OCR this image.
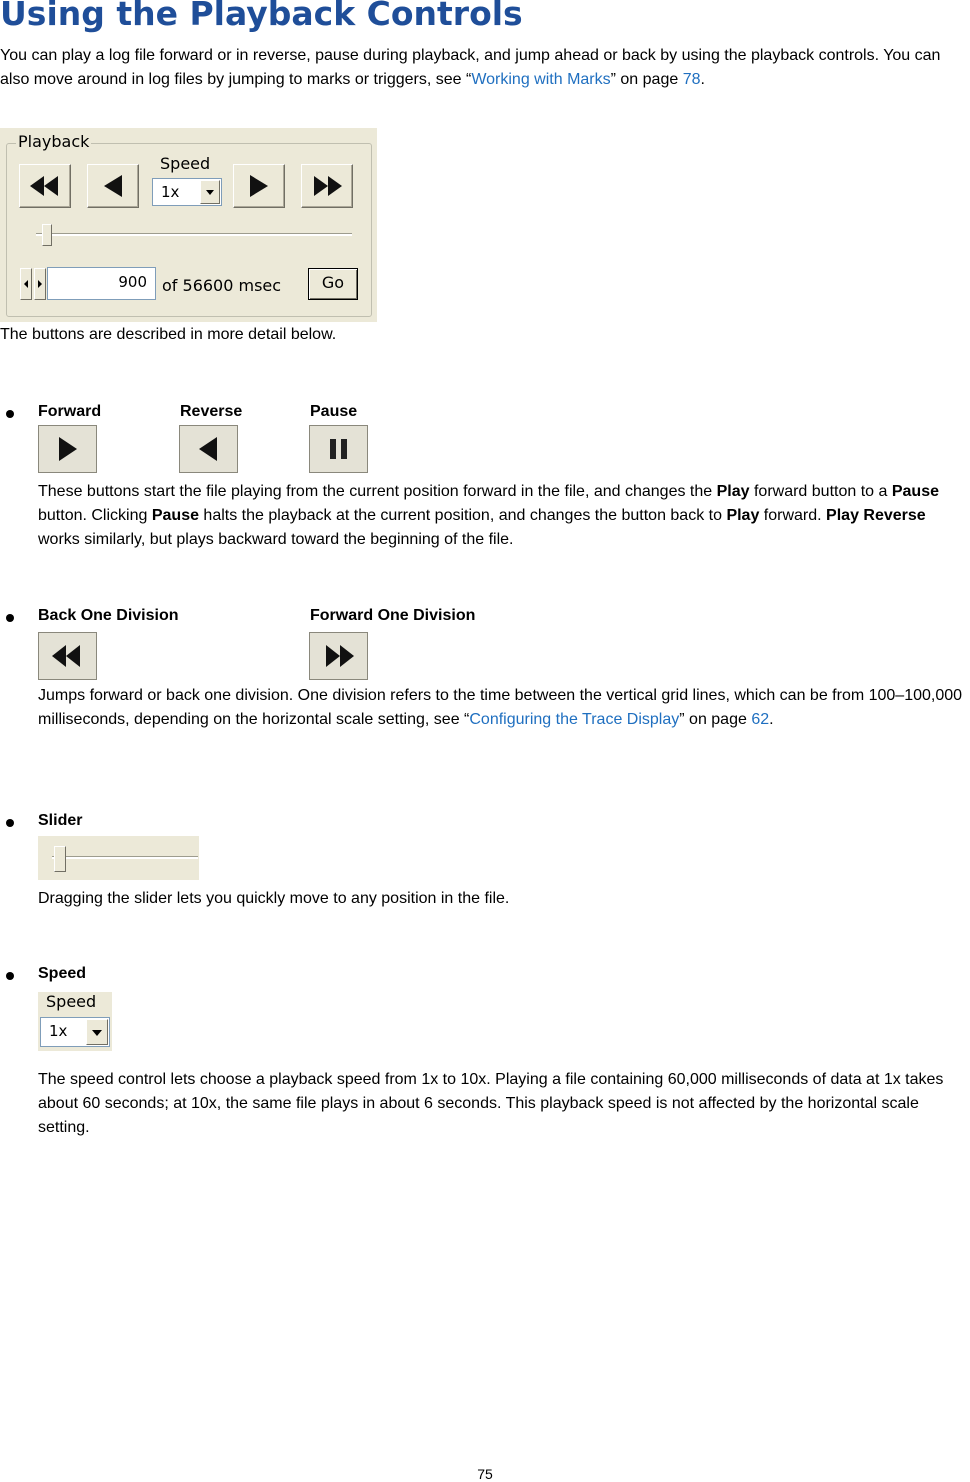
Using the Playback Controls
You can play a log file forward or in reverse, pause during playback, and jump ahead or back by using the playback controls. You can also move around in log files by jumping to marks or triggers, see “Working with Marks” on page 78.
Playback
Speed
1x
900 of 56600 msec	Go
The buttons are described in more detail below.
Forward	Reverse	Pause
These buttons start the file playing from the current position forward in the file, and changes the Play forward button to a Pause button. Clicking Pause halts the playback at the current position, and changes the button back to Play forward. Play Reverse works similarly, but plays backward toward the beginning of the file.
Back One Division	Forward One Division
Jumps forward or back one division. One division refers to the time between the vertical grid lines, which can be from 100–100,000 milliseconds, depending on the horizontal scale setting, see “Configuring the Trace Display” on page 62.
Slider
Dragging the slider lets you quickly move to any position in the file.
Speed
Speed
1x
The speed control lets choose a playback speed from 1x to 10x. Playing a file containing 60,000 milliseconds of data at 1x takes about 60 seconds; at 10x, the same file plays in about 6 seconds. This playback speed is not affected by the horizontal scale setting.
75
